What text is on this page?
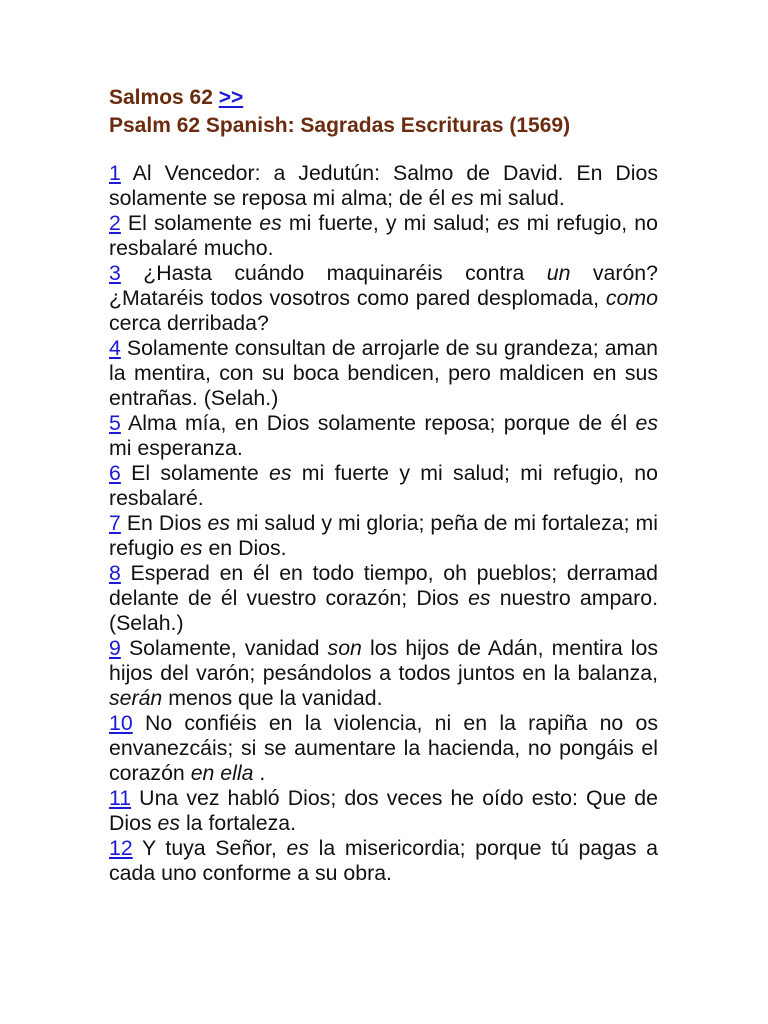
Salmos 62 >>
Psalm 62 Spanish: Sagradas Escrituras (1569)
1 Al Vencedor: a Jedutún: Salmo de David. En Dios solamente se reposa mi alma; de él es mi salud.
2 El solamente es mi fuerte, y mi salud; es mi refugio, no resbalaré mucho.
3 ¿Hasta cuándo maquinaréis contra un varón? ¿Mataréis todos vosotros como pared desplomada, como cerca derribada?
4 Solamente consultan de arrojarle de su grandeza; aman la mentira, con su boca bendicen, pero maldicen en sus entrañas. (Selah.)
5 Alma mía, en Dios solamente reposa; porque de él es mi esperanza.
6 El solamente es mi fuerte y mi salud; mi refugio, no resbalaré.
7 En Dios es mi salud y mi gloria; peña de mi fortaleza; mi refugio es en Dios.
8 Esperad en él en todo tiempo, oh pueblos; derramad delante de él vuestro corazón; Dios es nuestro amparo. (Selah.)
9 Solamente, vanidad son los hijos de Adán, mentira los hijos del varón; pesándolos a todos juntos en la balanza, serán menos que la vanidad.
10 No confiéis en la violencia, ni en la rapiña no os envanezcáis; si se aumentare la hacienda, no pongáis el corazón en ella .
11 Una vez habló Dios; dos veces he oído esto: Que de Dios es la fortaleza.
12 Y tuya Señor, es la misericordia; porque tú pagas a cada uno conforme a su obra.
